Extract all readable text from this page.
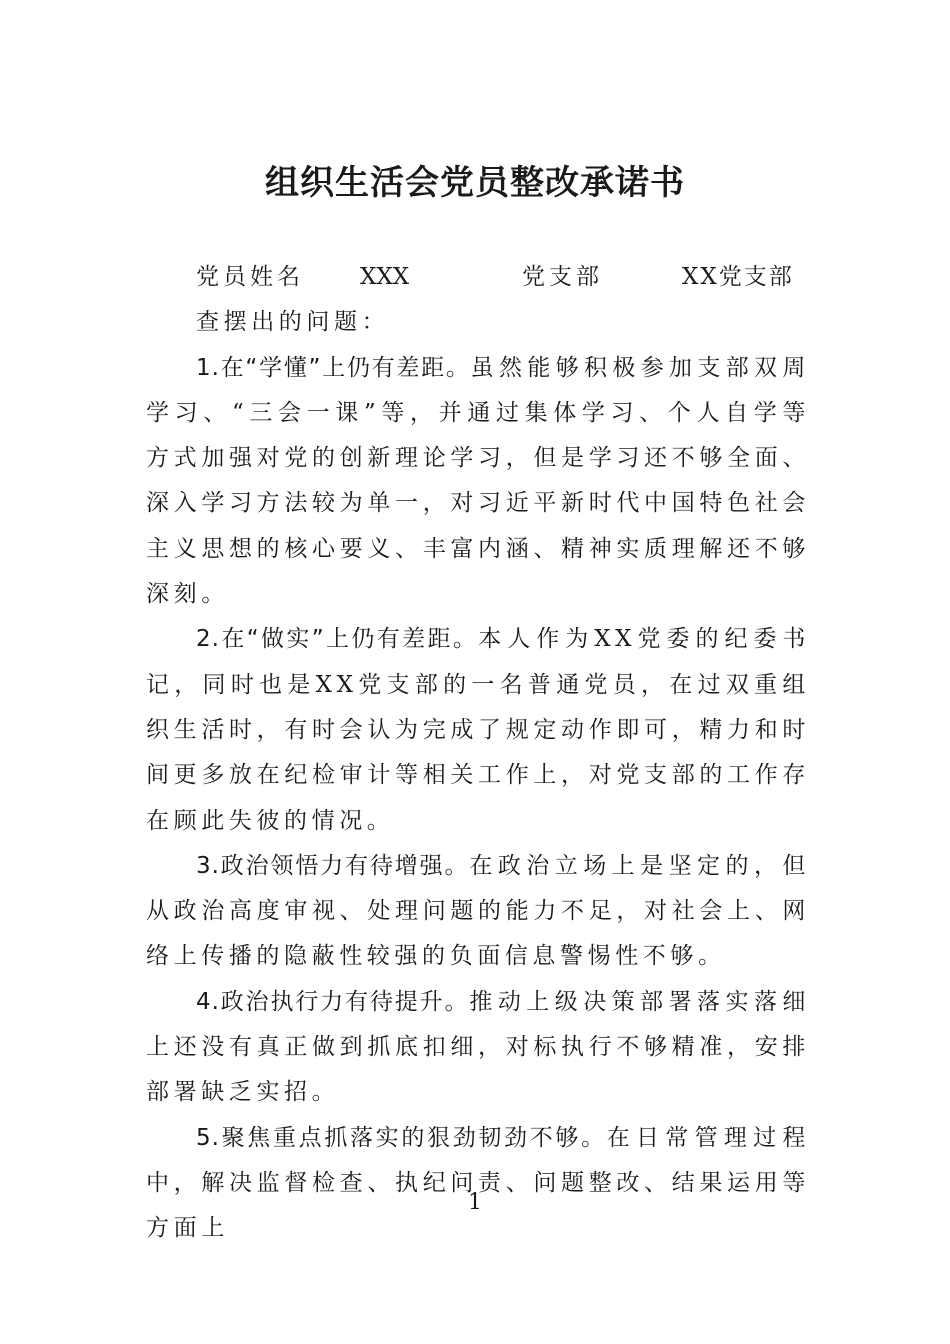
组织生活会党员整改承诺书
党员姓名 XXX	党支部	XX党支部
查摆出的问题：

1.在“学懂”上仍有差距。虽然能够积极参加支部双周学习、“三会一课”等，并通过集体学习、个人自学等方式加强对党的创新理论学习，但是学习还不够全面、深入学习方法较为单一，对习近平新时代中国特色社会主义思想的核心要义、丰富内涵、精神实质理解还不够深刻。

2.在“做实”上仍有差距。本人作为XX党委的纪委书记，同时也是XX党支部的一名普通党员，在过双重组织生活时，有时会认为完成了规定动作即可，精力和时间更多放在纪检审计等相关工作上，对党支部的工作存在顾此失彼的情况。

3.政治领悟力有待增强。在政治立场上是坚定的，但从政治高度审视、处理问题的能力不足，对社会上、网络上传播的隐蔽性较强的负面信息警惕性不够。

4.政治执行力有待提升。推动上级决策部署落实落细上还没有真正做到抓底扣细，对标执行不够精准，安排部署缺乏实招。

5.聚焦重点抓落实的狠劲韧劲不够。在日常管理过程中，解决监督检查、执纪问责、问题整改、结果运用等方面上

1
